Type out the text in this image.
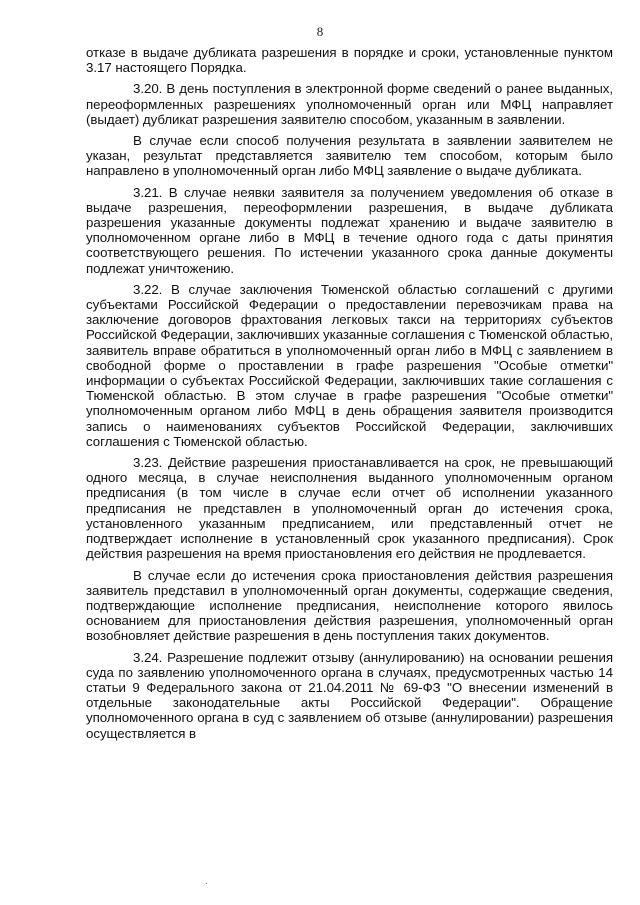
8

отказе в выдаче дубликата разрешения в порядке и сроки, установленные пунктом 3.17 настоящего Порядка.

3.20. В день поступления в электронной форме сведений о ранее выданных, переоформленных разрешениях уполномоченный орган или МФЦ направляет (выдает) дубликат разрешения заявителю способом, указанным в заявлении.

В случае если способ получения результата в заявлении заявителем не указан, результат представляется заявителю тем способом, которым было направлено в уполномоченный орган либо МФЦ заявление о выдаче дубликата.

3.21. В случае неявки заявителя за получением уведомления об отказе в выдаче разрешения, переоформлении разрешения, в выдаче дубликата разрешения указанные документы подлежат хранению и выдаче заявителю в уполномоченном органе либо в МФЦ в течение одного года с даты принятия соответствующего решения. По истечении указанного срока данные документы подлежат уничтожению.

3.22. В случае заключения Тюменской областью соглашений с другими субъектами Российской Федерации о предоставлении перевозчикам права на заключение договоров фрахтования легковых такси на территориях субъектов Российской Федерации, заключивших указанные соглашения с Тюменской областью, заявитель вправе обратиться в уполномоченный орган либо в МФЦ с заявлением в свободной форме о проставлении в графе разрешения "Особые отметки" информации о субъектах Российской Федерации, заключивших такие соглашения с Тюменской областью. В этом случае в графе разрешения "Особые отметки" уполномоченным органом либо МФЦ в день обращения заявителя производится запись о наименованиях субъектов Российской Федерации, заключивших соглашения с Тюменской областью.

3.23. Действие разрешения приостанавливается на срок, не превышающий одного месяца, в случае неисполнения выданного уполномоченным органом предписания (в том числе в случае если отчет об исполнении указанного предписания не представлен в уполномоченный орган до истечения срока, установленного указанным предписанием, или представленный отчет не подтверждает исполнение в установленный срок указанного предписания). Срок действия разрешения на время приостановления его действия не продлевается.

В случае если до истечения срока приостановления действия разрешения заявитель представил в уполномоченный орган документы, содержащие сведения, подтверждающие исполнение предписания, неисполнение которого явилось основанием для приостановления действия разрешения, уполномоченный орган возобновляет действие разрешения в день поступления таких документов.

3.24. Разрешение подлежит отзыву (аннулированию) на основании решения суда по заявлению уполномоченного органа в случаях, предусмотренных частью 14 статьи 9 Федерального закона от 21.04.2011 № 69-ФЗ "О внесении изменений в отдельные законодательные акты Российской Федерации". Обращение уполномоченного органа в суд с заявлением об отзыве (аннулировании) разрешения осуществляется в

.
